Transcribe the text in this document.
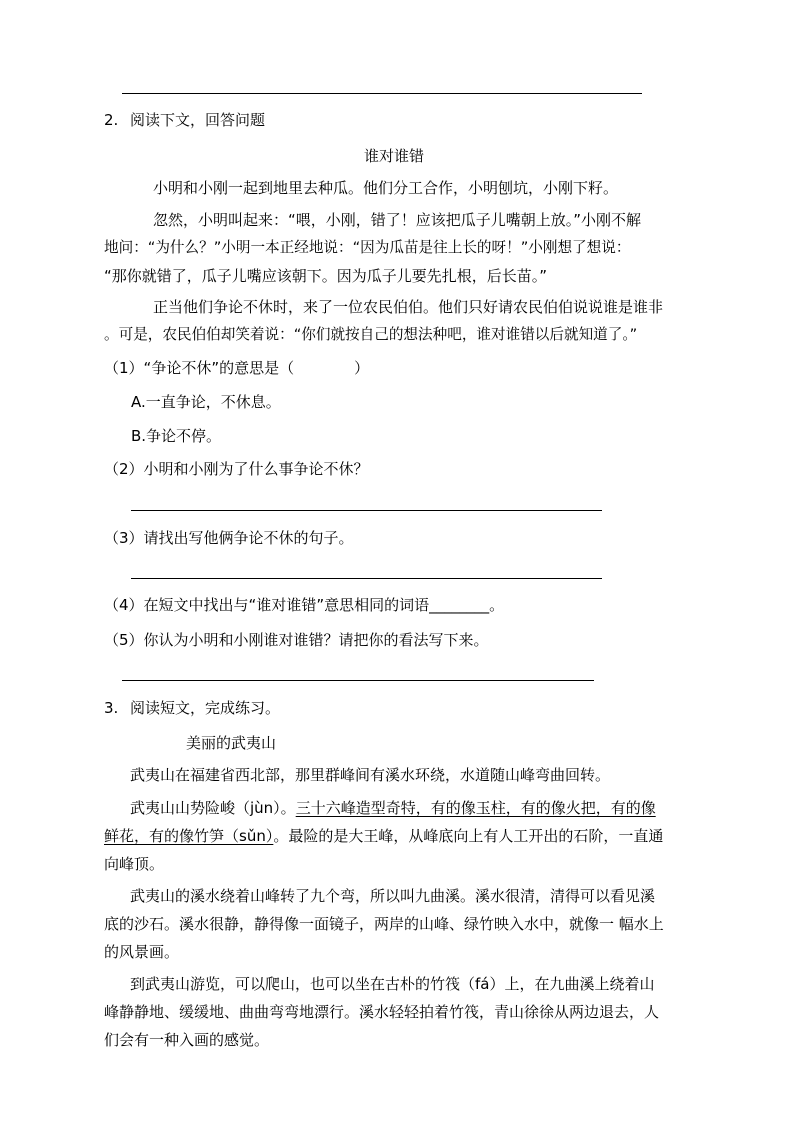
2. 阅读下文，回答问题
谁对谁错
小明和小刚一起到地里去种瓜。他们分工合作，小明刨坑，小刚下籽。
忽然，小明叫起来：“喂，小刚，错了！应该把瓜子儿嘴朝上放。”小刚不解
地问：“为什么？”小明一本正经地说：“因为瓜苗是往上长的呀！”小刚想了想说：
“那你就错了，瓜子儿嘴应该朝下。因为瓜子儿要先扎根，后长苗。”
正当他们争论不休时，来了一位农民伯伯。他们只好请农民伯伯说说谁是谁非
。可是，农民伯伯却笑着说：“你们就按自己的想法种吧，谁对谁错以后就知道了。”
（1）“争论不休”的意思是（　　　　）
A.一直争论，不休息。
B.争论不停。
（2）小明和小刚为了什么事争论不休？
（3）请找出写他俩争论不休的句子。
（4）在短文中找出与“谁对谁错”意思相同的词语________。
（5）你认为小明和小刚谁对谁错？请把你的看法写下来。
3. 阅读短文，完成练习。
美丽的武夷山
武夷山在福建省西北部，那里群峰间有溪水环绕，水道随山峰弯曲回转。
武夷山山势险峻（jùn）。三十六峰造型奇特，有的像玉柱，有的像火把，有的像
鲜花，有的像竹笋（sǔn）。最险的是大王峰，从峰底向上有人工开出的石阶，一直通
向峰顶。
武夷山的溪水绕着山峰转了九个弯，所以叫九曲溪。溪水很清，清得可以看见溪
底的沙石。溪水很静，静得像一面镜子，两岸的山峰、绿竹映入水中，就像一 幅水上
的风景画。
到武夷山游览，可以爬山，也可以坐在古朴的竹筏（fá）上，在九曲溪上绕着山
峰静静地、缓缓地、曲曲弯弯地漂行。溪水轻轻拍着竹筏，青山徐徐从两边退去，人
们会有一种入画的感觉。
